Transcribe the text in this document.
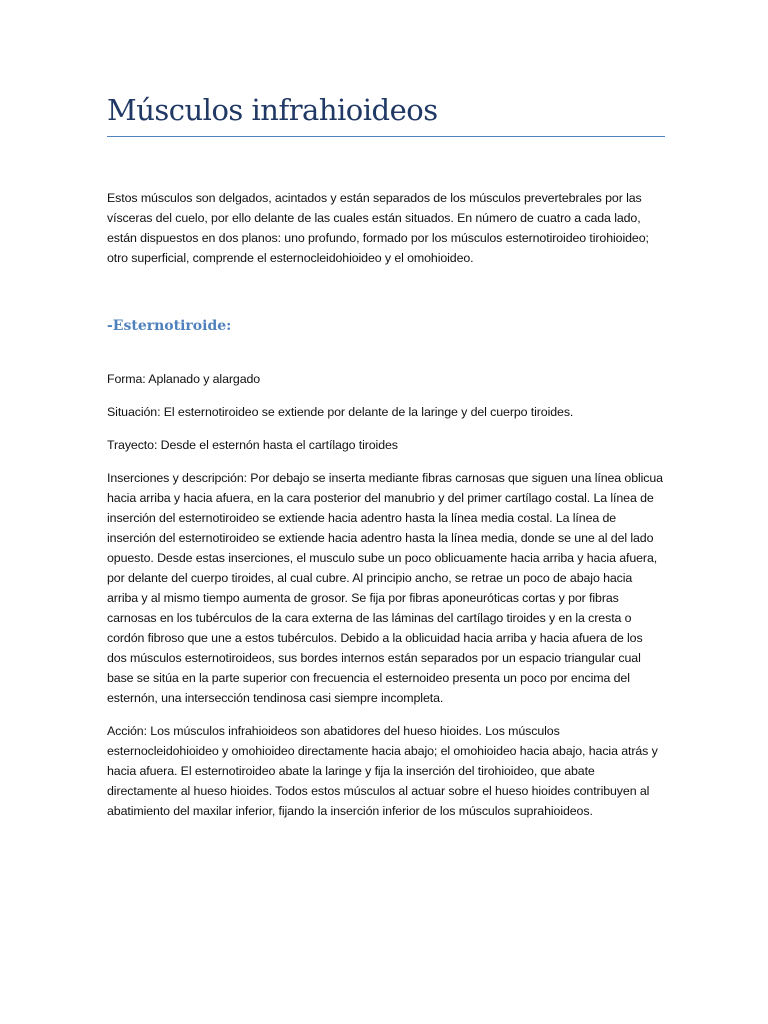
Músculos infrahioideos

Estos músculos son delgados, acintados y están separados de los músculos prevertebrales por las vísceras del cuelo, por ello delante de las cuales están situados. En número de cuatro a cada lado, están dispuestos en dos planos: uno profundo, formado por los músculos esternotiroideo tirohioideo; otro superficial, comprende el esternocleidohioideo y el omohioideo.

-Esternotiroide:

Forma: Aplanado y alargado

Situación: El esternotiroideo se extiende por delante de la laringe y del cuerpo tiroides.

Trayecto: Desde el esternón hasta el cartílago tiroides

Inserciones y descripción: Por debajo se inserta mediante fibras carnosas que siguen una línea oblicua hacia arriba y hacia afuera, en la cara posterior del manubrio y del primer cartílago costal. La línea de inserción del esternotiroideo se extiende hacia adentro hasta la línea media costal. La línea de inserción del esternotiroideo se extiende hacia adentro hasta la línea media, donde se une al del lado opuesto. Desde estas inserciones, el musculo sube un poco oblicuamente hacia arriba y hacia afuera, por delante del cuerpo tiroides, al cual cubre. Al principio ancho, se retrae un poco de abajo hacia arriba y al mismo tiempo aumenta de grosor. Se fija por fibras aponeuróticas cortas y por fibras carnosas en los tubérculos de la cara externa de las láminas del cartílago tiroides y en la cresta o cordón fibroso que une a estos tubérculos. Debido a la oblicuidad hacia arriba y hacia afuera de los dos músculos esternotiroideos, sus bordes internos están separados por un espacio triangular cual base se sitúa en la parte superior con frecuencia el esternoideo presenta un poco por encima del esternón, una intersección tendinosa casi siempre incompleta.

Acción: Los músculos infrahioideos son abatidores del hueso hioides. Los músculos esternocleidohioideo y omohioideo directamente hacia abajo; el omohioideo hacia abajo, hacia atrás y hacia afuera. El esternotiroideo abate la laringe y fija la inserción del tirohioideo, que abate directamente al hueso hioides. Todos estos músculos al actuar sobre el hueso hioides contribuyen al abatimiento del maxilar inferior, fijando la inserción inferior de los músculos suprahioideos.
